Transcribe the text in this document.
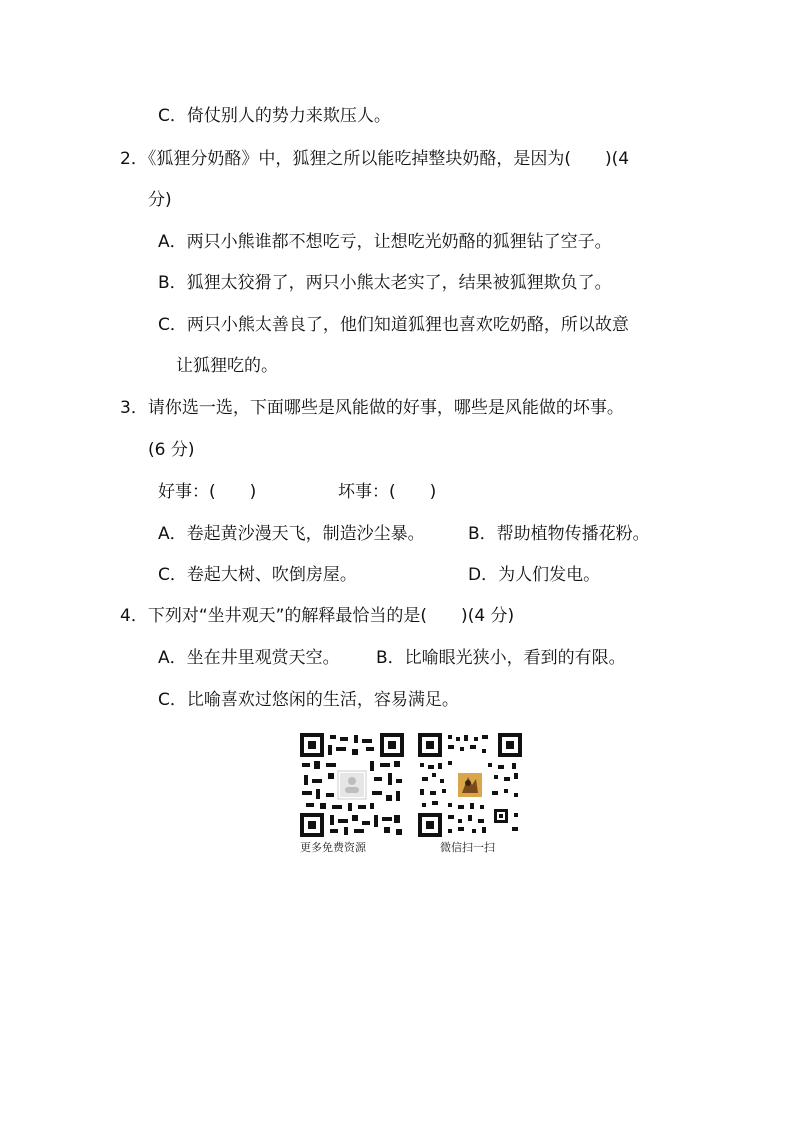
C．倚仗别人的势力来欺压人。
2．《狐狸分奶酪》中，狐狸之所以能吃掉整块奶酪，是因为(　　)(4
分)
A．两只小熊谁都不想吃亏，让想吃光奶酪的狐狸钻了空子。
B．狐狸太狡猾了，两只小熊太老实了，结果被狐狸欺负了。
C．两只小熊太善良了，他们知道狐狸也喜欢吃奶酪，所以故意
让狐狸吃的。
3．请你选一选，下面哪些是风能做的好事，哪些是风能做的坏事。
(6 分)
好事：(　　)	坏事：(　　)
A．卷起黄沙漫天飞，制造沙尘暴。	B．帮助植物传播花粉。
C．卷起大树、吹倒房屋。	D．为人们发电。
4．下列对“坐井观天”的解释最恰当的是(　　)(4 分)
A．坐在井里观赏天空。 B．比喻眼光狭小，看到的有限。
C．比喻喜欢过悠闲的生活，容易满足。
更多免费资源	微信扫一扫
